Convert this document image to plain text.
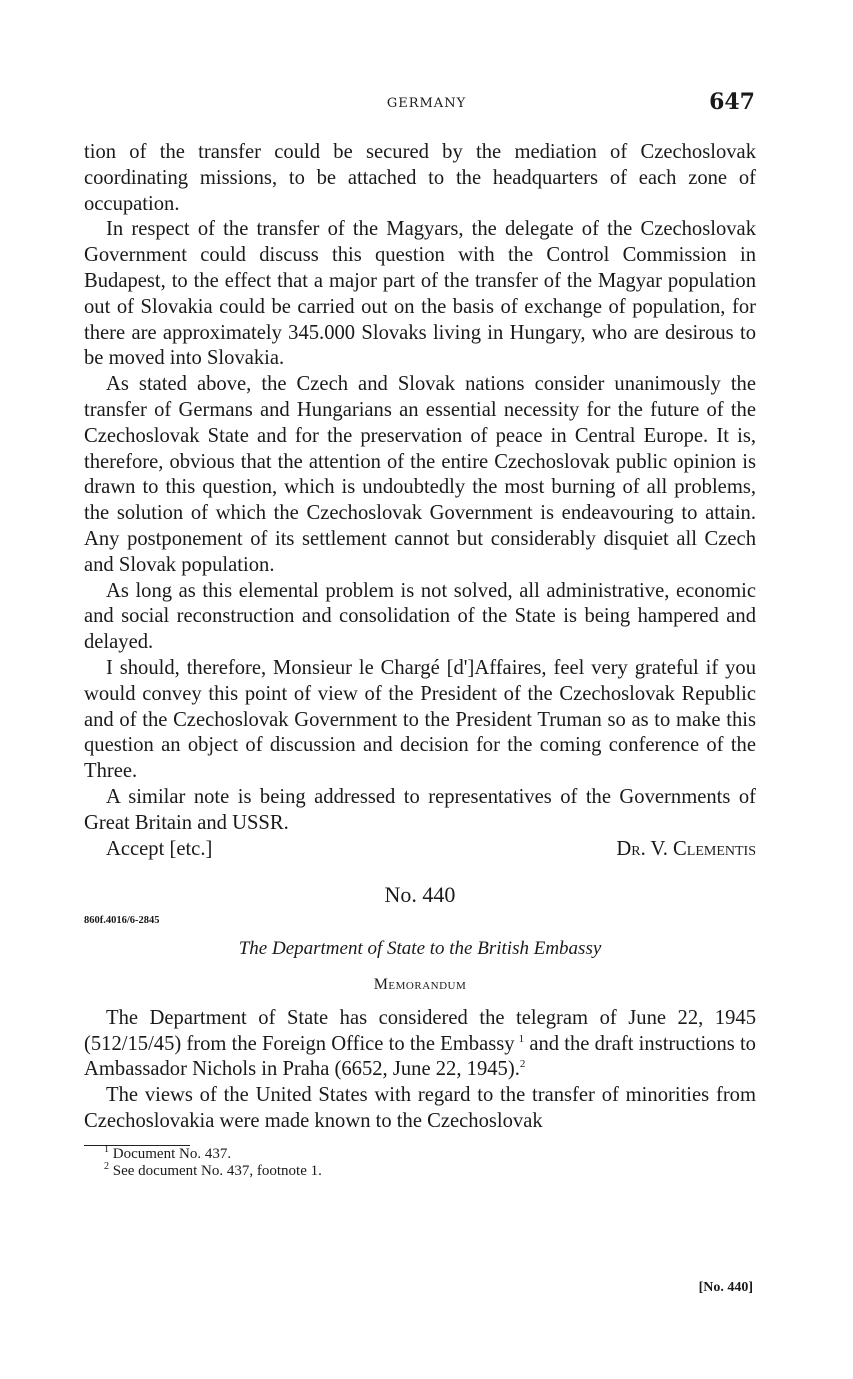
GERMANY	647

tion of the transfer could be secured by the mediation of Czechoslovak coordinating missions, to be attached to the headquarters of each zone of occupation.

In respect of the transfer of the Magyars, the delegate of the Czechoslovak Government could discuss this question with the Control Commission in Budapest, to the effect that a major part of the transfer of the Magyar population out of Slovakia could be carried out on the basis of exchange of population, for there are approximately 345.000 Slovaks living in Hungary, who are desirous to be moved into Slovakia.

As stated above, the Czech and Slovak nations consider unanimously the transfer of Germans and Hungarians an essential necessity for the future of the Czechoslovak State and for the preservation of peace in Central Europe. It is, therefore, obvious that the attention of the entire Czechoslovak public opinion is drawn to this question, which is undoubtedly the most burning of all problems, the solution of which the Czechoslovak Government is endeavouring to attain. Any postponement of its settlement cannot but considerably disquiet all Czech and Slovak population.

As long as this elemental problem is not solved, all administrative, economic and social reconstruction and consolidation of the State is being hampered and delayed.

I should, therefore, Monsieur le Chargé [d']Affaires, feel very grateful if you would convey this point of view of the President of the Czechoslovak Republic and of the Czechoslovak Government to the President Truman so as to make this question an object of discussion and decision for the coming conference of the Three.

A similar note is being addressed to representatives of the Governments of Great Britain and USSR.

Accept [etc.]	Dr. V. Clementis
No. 440
860f.4016/6-2845
The Department of State to the British Embassy
Memorandum

The Department of State has considered the telegram of June 22, 1945 (512/15/45) from the Foreign Office to the Embassy  $^1$ and the draft instructions to Ambassador Nichols in Praha (6652, June 22, 1945).$^2$

The views of the United States with regard to the transfer of minorities from Czechoslovakia were made known to the Czechoslovak

$^1$ Document No. 437.
$^2$ See document No. 437, footnote 1.
[No. 440]
